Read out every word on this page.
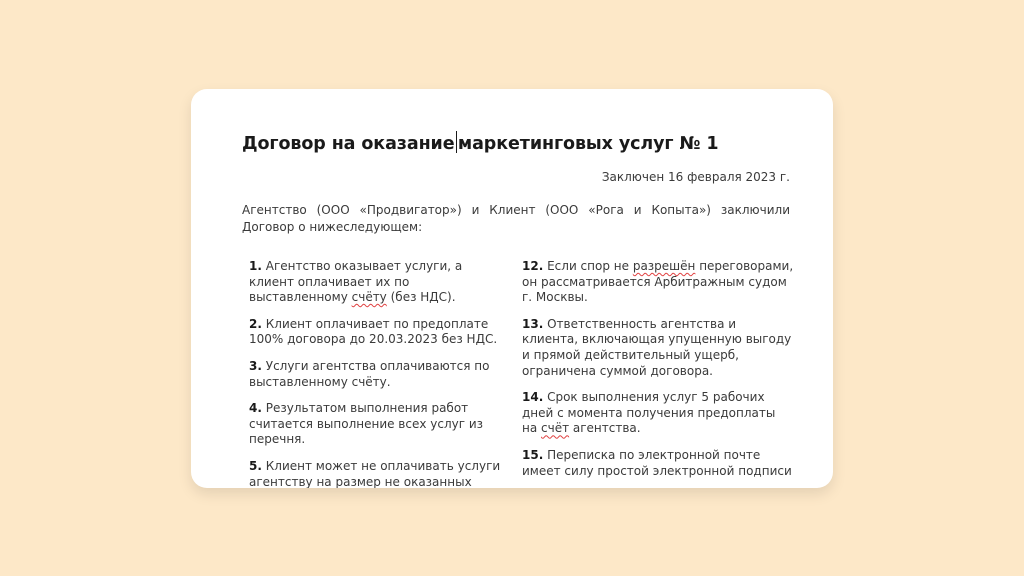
Договор на оказание маркетинговых услуг № 1
Заключен 16 февраля 2023 г.
Агентство (ООО «Продвигатор») и Клиент (ООО «Рога и Копыта») заключили Договор о нижеследующем:
1. Агентство оказывает услуги, а клиент оплачивает их по выставленному счёту (без НДС).
2. Клиент оплачивает по предоплате 100% договора до 20.03.2023 без НДС.
3. Услуги агентства оплачиваются по выставленному счёту.
4. Результатом выполнения работ считается выполнение всех услуг из перечня.
5. Клиент может не оплачивать услуги агентству на размер не оказанных
12. Если спор не разрешён переговорами, он рассматривается Арбитражным судом г. Москвы.
13. Ответственность агентства и клиента, включающая упущенную выгоду и прямой действительный ущерб, ограничена суммой договора.
14. Срок выполнения услуг 5 рабочих дней с момента получения предоплаты на счёт агентства.
15. Переписка по электронной почте имеет силу простой электронной подписи
